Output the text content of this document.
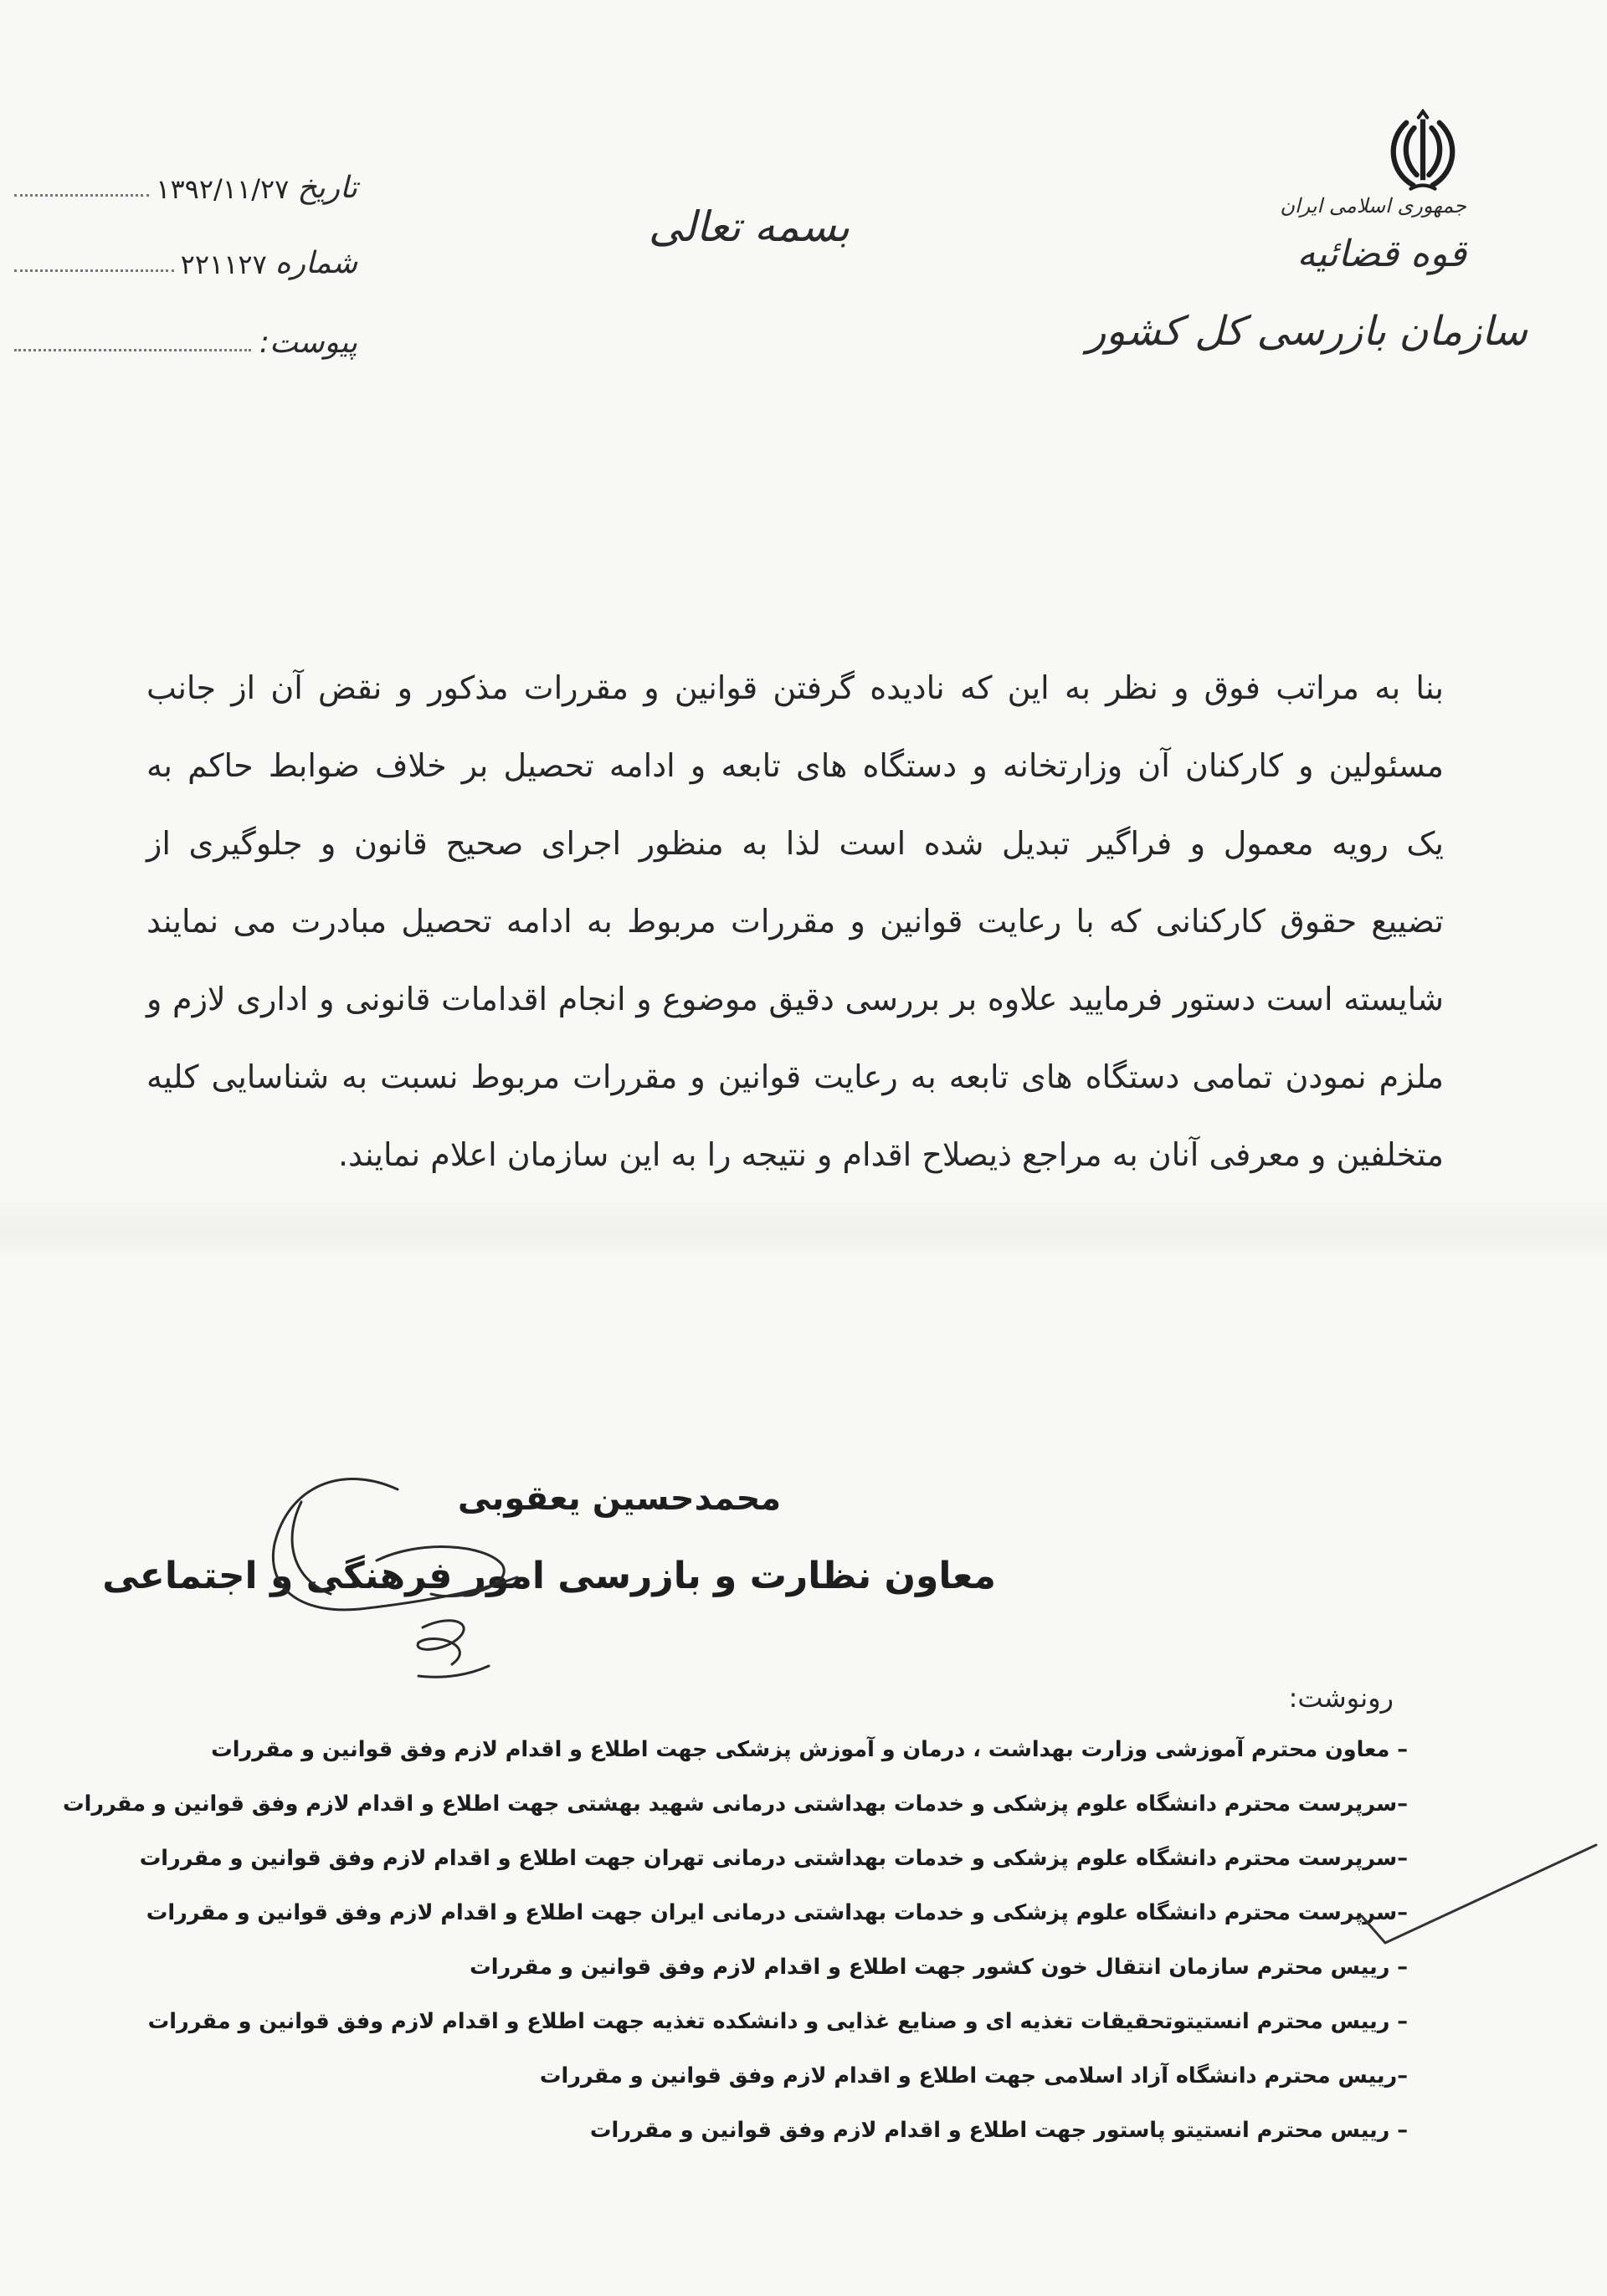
جمهوری اسلامی ایران
قوه قضائیه
سازمان بازرسی کل کشور
بسمه تعالی
تاریخ
۱۳۹۲/۱۱/۲۷
شماره
۲۲۱۱۲۷
پیوست:
بنا به مراتب فوق و نظر به این که نادیده گرفتن قوانین و مقررات مذکور و نقض آن از جانب
مسئولین و کارکنان آن وزارتخانه و دستگاه های تابعه و ادامه تحصیل بر خلاف ضوابط حاکم به
یک رویه معمول و فراگیر تبدیل شده است لذا به منظور اجرای صحیح قانون و جلوگیری از
تضییع حقوق کارکنانی که با رعایت قوانین و مقررات مربوط به ادامه تحصیل مبادرت می نمایند
شایسته است دستور فرمایید علاوه بر بررسی دقیق موضوع و انجام اقدامات قانونی و اداری لازم و
ملزم نمودن تمامی دستگاه های تابعه به رعایت قوانین و مقررات مربوط نسبت به شناسایی کلیه
متخلفین و معرفی آنان به مراجع ذیصلاح اقدام و نتیجه را به این سازمان اعلام نمایند.
محمدحسین یعقوبی
معاون نظارت و بازرسی امور فرهنگی و اجتماعی
رونوشت:
– معاون محترم آموزشی وزارت بهداشت ، درمان و آموزش پزشکی جهت اطلاع و اقدام لازم وفق قوانین و مقررات
–سرپرست محترم دانشگاه علوم پزشکی و خدمات بهداشتی درمانی شهید بهشتی جهت اطلاع و اقدام لازم وفق قوانین و مقررات
–سرپرست محترم دانشگاه علوم پزشکی و خدمات بهداشتی درمانی تهران جهت اطلاع و اقدام لازم وفق قوانین و مقررات
–سرپرست محترم دانشگاه علوم پزشکی و خدمات بهداشتی درمانی ایران جهت اطلاع و اقدام لازم وفق قوانین و مقررات
– رییس محترم سازمان انتقال خون کشور جهت اطلاع و اقدام لازم وفق قوانین و مقررات
– رییس محترم انستیتوتحقیقات تغذیه ای و صنایع غذایی و دانشکده تغذیه جهت اطلاع و اقدام لازم وفق قوانین و مقررات
–رییس محترم دانشگاه آزاد اسلامی جهت اطلاع و اقدام لازم وفق قوانین و مقررات
– رییس محترم انستیتو پاستور جهت اطلاع و اقدام لازم وفق قوانین و مقررات
